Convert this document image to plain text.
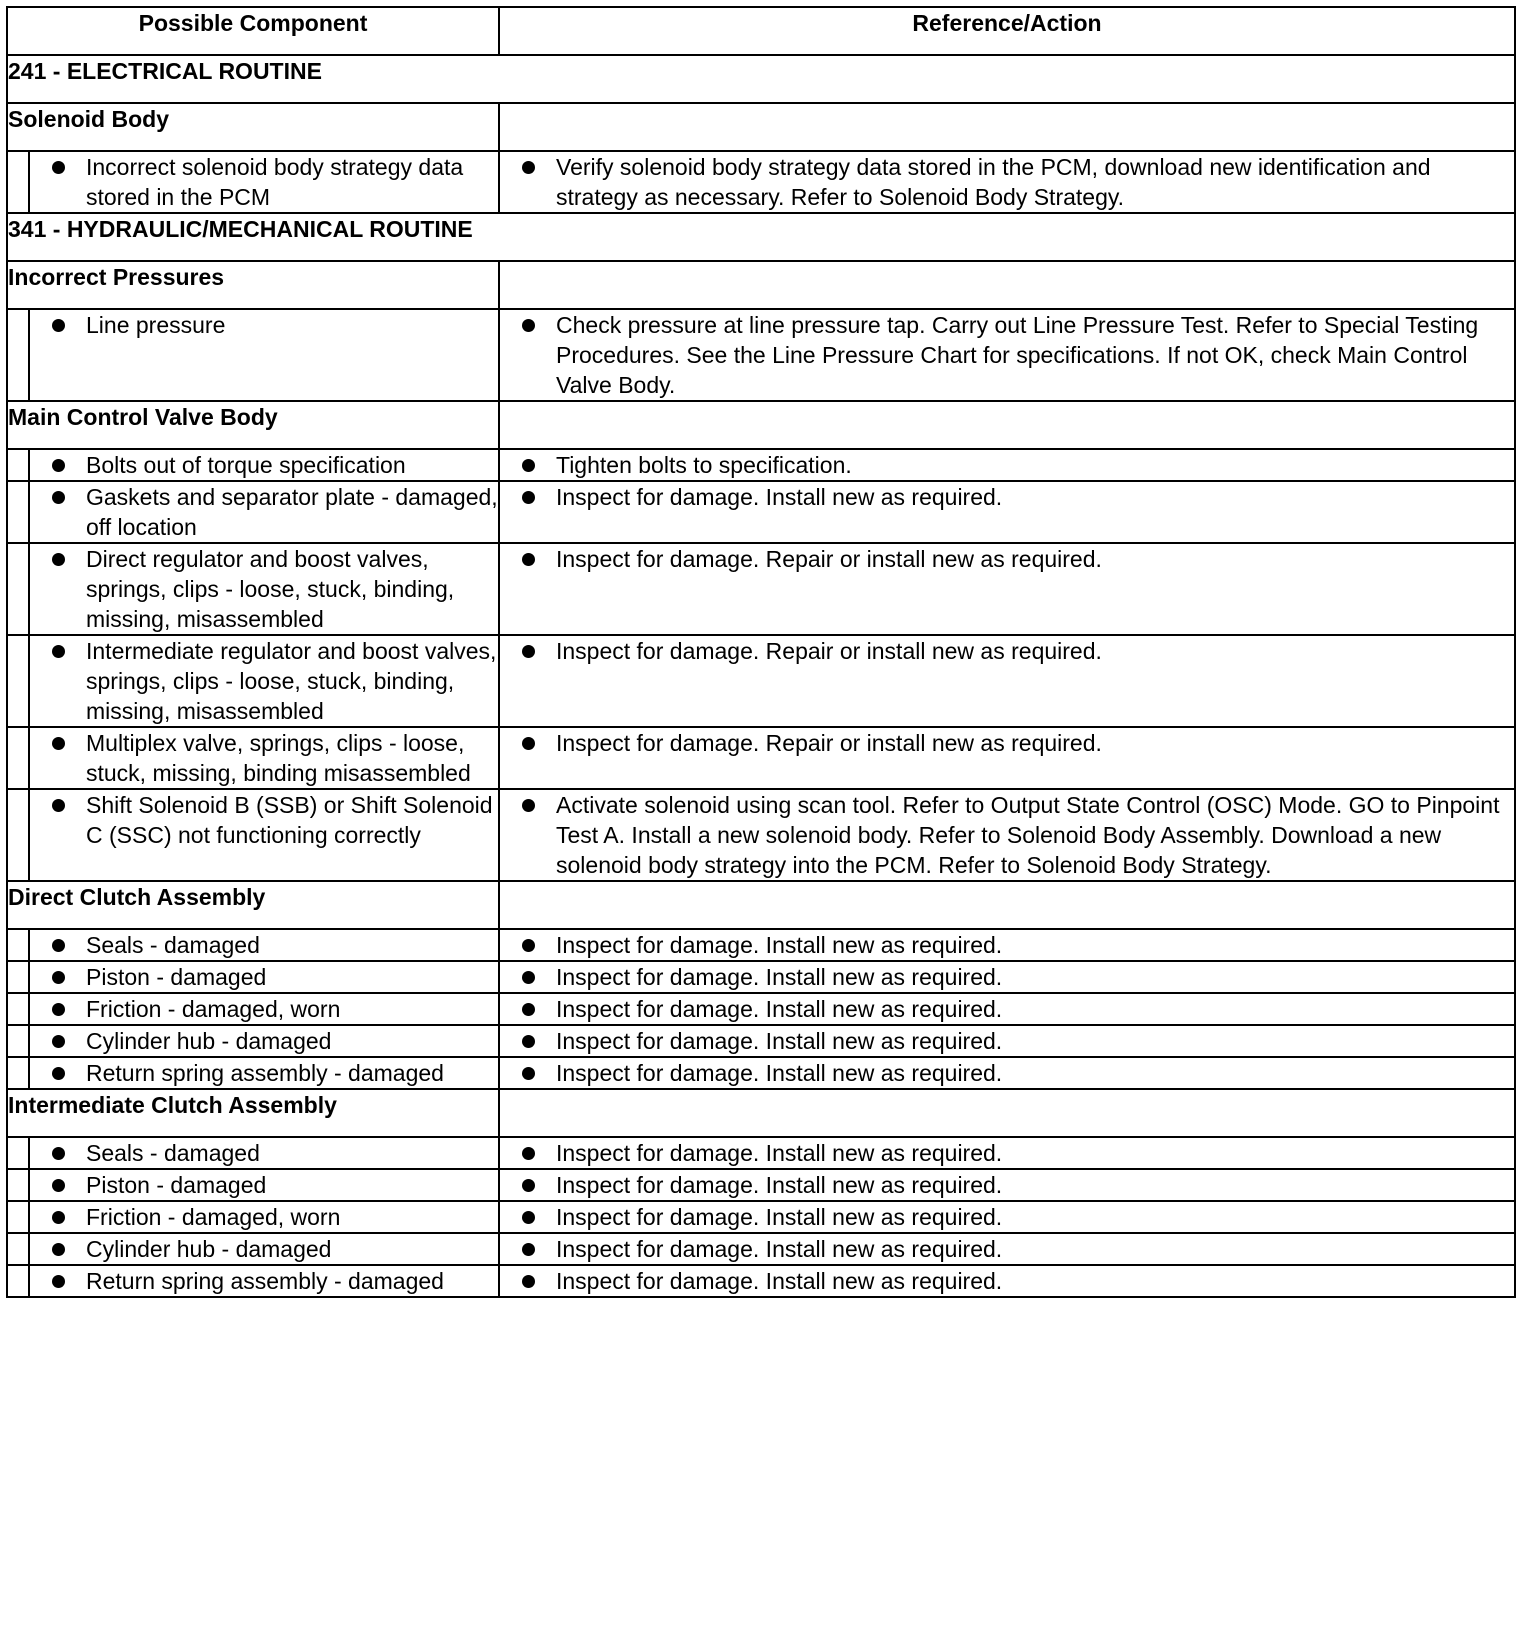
Possible Component		Reference/Action
241 - ELECTRICAL ROUTINE		
Solenoid Body		

	Incorrect solenoid body strategy data stored in the PCM	Verify solenoid body strategy data stored in the PCM, download new identification and strategy as necessary. Refer to Solenoid Body Strategy.

341 - HYDRAULIC/MECHANICAL ROUTINE		
Incorrect Pressures		

	Line pressure	Check pressure at line pressure tap. Carry out Line Pressure Test. Refer to Special Testing Procedures. See the Line Pressure Chart for specifications. If not OK, check Main Control Valve Body.

Main Control Valve Body		

	Bolts out of torque specification	Tighten bolts to specification.

	Gaskets and separator plate - damaged, off location	Inspect for damage. Install new as required.

	Direct regulator and boost valves, springs, clips - loose, stuck, binding, missing, misassembled	Inspect for damage. Repair or install new as required.

	Intermediate regulator and boost valves, springs, clips - loose, stuck, binding, missing, misassembled	Inspect for damage. Repair or install new as required.

	Multiplex valve, springs, clips - loose, stuck, missing, binding misassembled	Inspect for damage. Repair or install new as required.

	Shift Solenoid B (SSB) or Shift Solenoid C (SSC) not functioning correctly	Activate solenoid using scan tool. Refer to Output State Control (OSC) Mode. GO to Pinpoint Test A. Install a new solenoid body. Refer to Solenoid Body Assembly. Download a new solenoid body strategy into the PCM. Refer to Solenoid Body Strategy.

Direct Clutch Assembly		

	Seals - damaged	Inspect for damage. Install new as required.

	Piston - damaged	Inspect for damage. Install new as required.

	Friction - damaged, worn	Inspect for damage. Install new as required.

	Cylinder hub - damaged	Inspect for damage. Install new as required.

	Return spring assembly - damaged	Inspect for damage. Install new as required.

Intermediate Clutch Assembly		

	Seals - damaged	Inspect for damage. Install new as required.

	Piston - damaged	Inspect for damage. Install new as required.

	Friction - damaged, worn	Inspect for damage. Install new as required.

	Cylinder hub - damaged	Inspect for damage. Install new as required.

	Return spring assembly - damaged	Inspect for damage. Install new as required.
